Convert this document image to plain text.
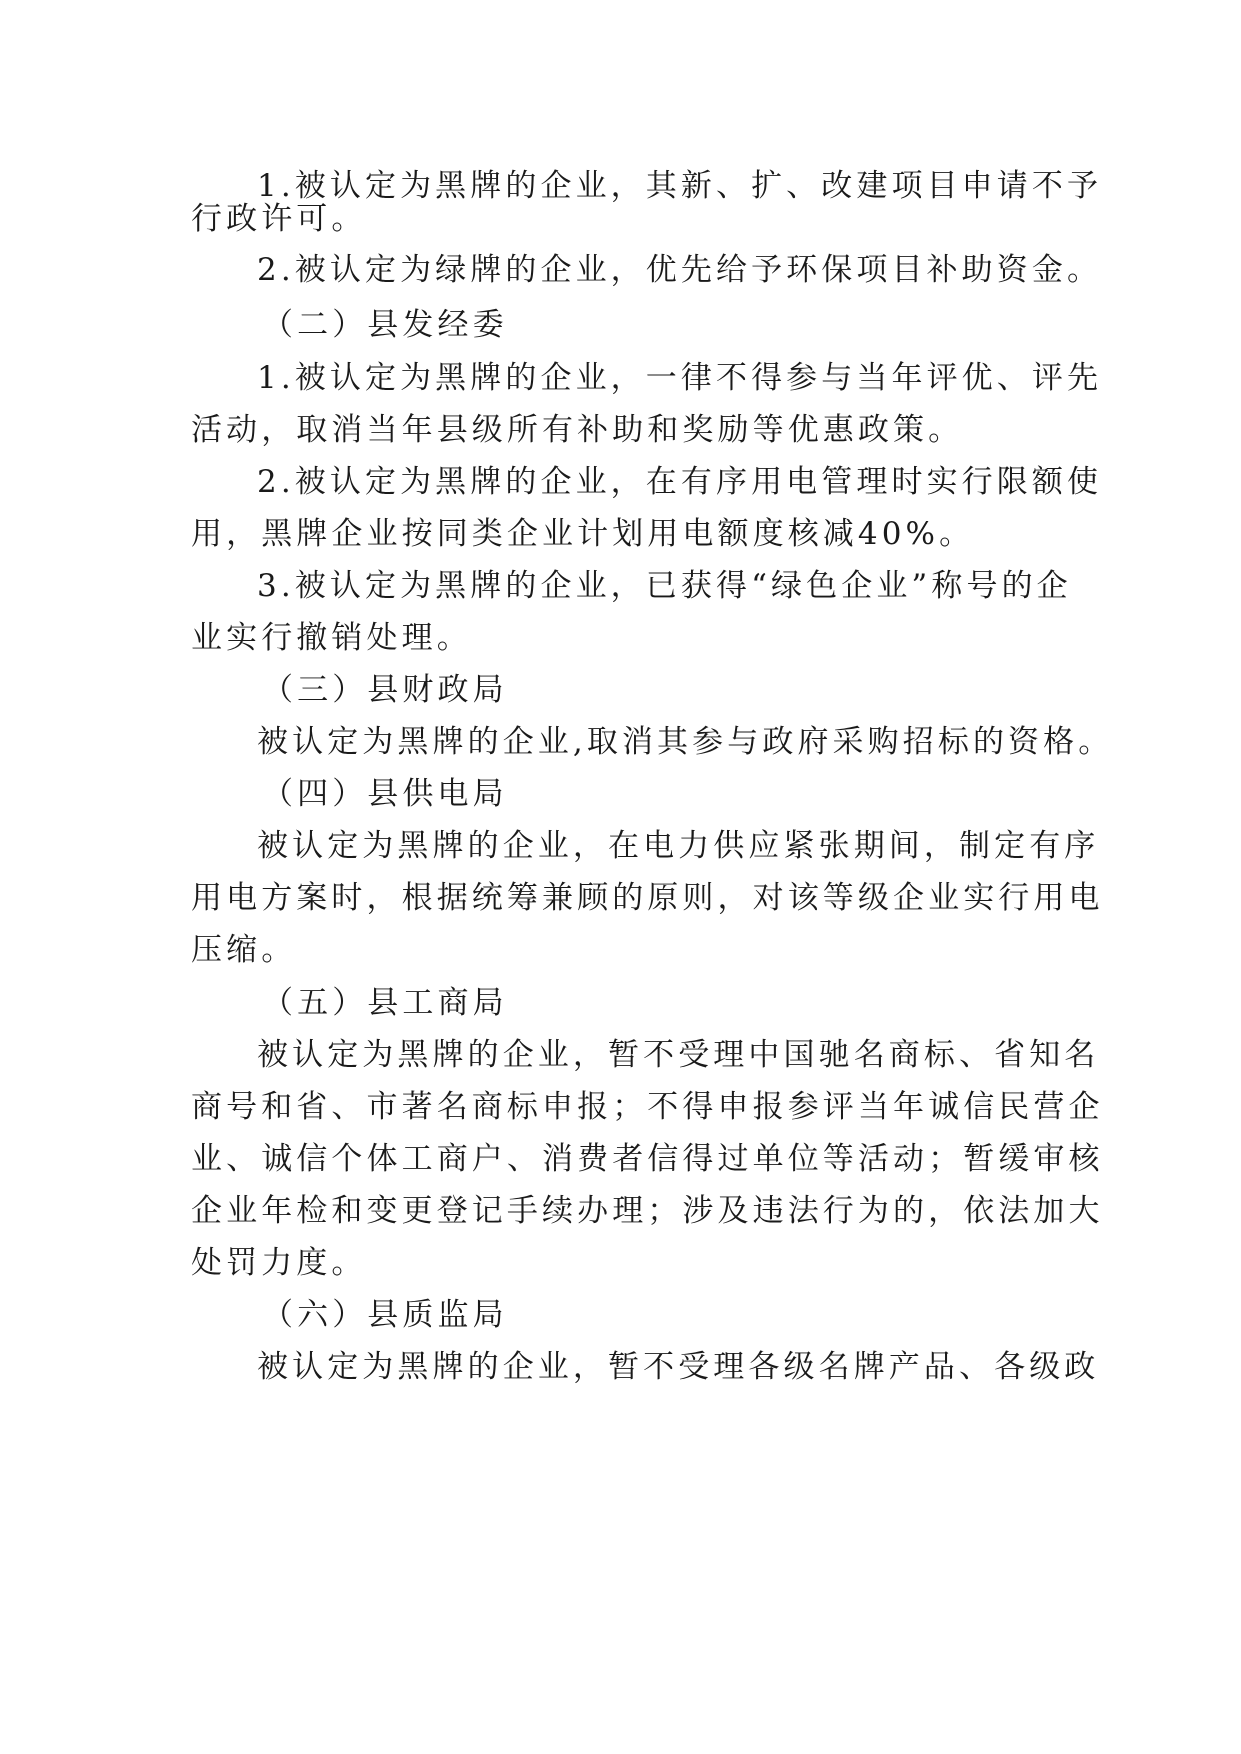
1.被认定为黑牌的企业，其新、扩、改建项目申请不予
行政许可。
2.被认定为绿牌的企业，优先给予环保项目补助资金。
（二）县发经委
1.被认定为黑牌的企业，一律不得参与当年评优、评先
活动，取消当年县级所有补助和奖励等优惠政策。
2.被认定为黑牌的企业，在有序用电管理时实行限额使
用，黑牌企业按同类企业计划用电额度核减40%。
3.被认定为黑牌的企业，已获得“绿色企业”称号的企
业实行撤销处理。
（三）县财政局
被认定为黑牌的企业,取消其参与政府采购招标的资格。
（四）县供电局
被认定为黑牌的企业，在电力供应紧张期间，制定有序
用电方案时，根据统筹兼顾的原则，对该等级企业实行用电
压缩。
（五）县工商局
被认定为黑牌的企业，暂不受理中国驰名商标、省知名
商号和省、市著名商标申报；不得申报参评当年诚信民营企
业、诚信个体工商户、消费者信得过单位等活动；暂缓审核
企业年检和变更登记手续办理；涉及违法行为的，依法加大
处罚力度。
（六）县质监局
被认定为黑牌的企业，暂不受理各级名牌产品、各级政
